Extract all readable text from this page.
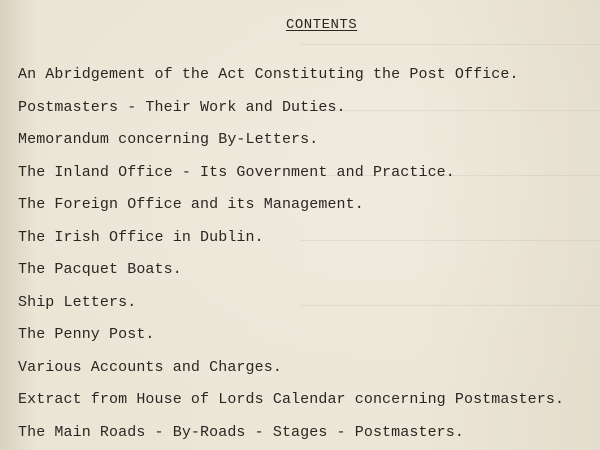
CONTENTS
An Abridgement of the Act Constituting the Post Office.
Postmasters - Their Work and Duties.
Memorandum concerning By-Letters.
The Inland Office - Its Government and Practice.
The Foreign Office and its Management.
The Irish Office in Dublin.
The Pacquet Boats.
Ship Letters.
The Penny Post.
Various Accounts and Charges.
Extract from House of Lords Calendar concerning Postmasters.
The Main Roads - By-Roads - Stages - Postmasters.
